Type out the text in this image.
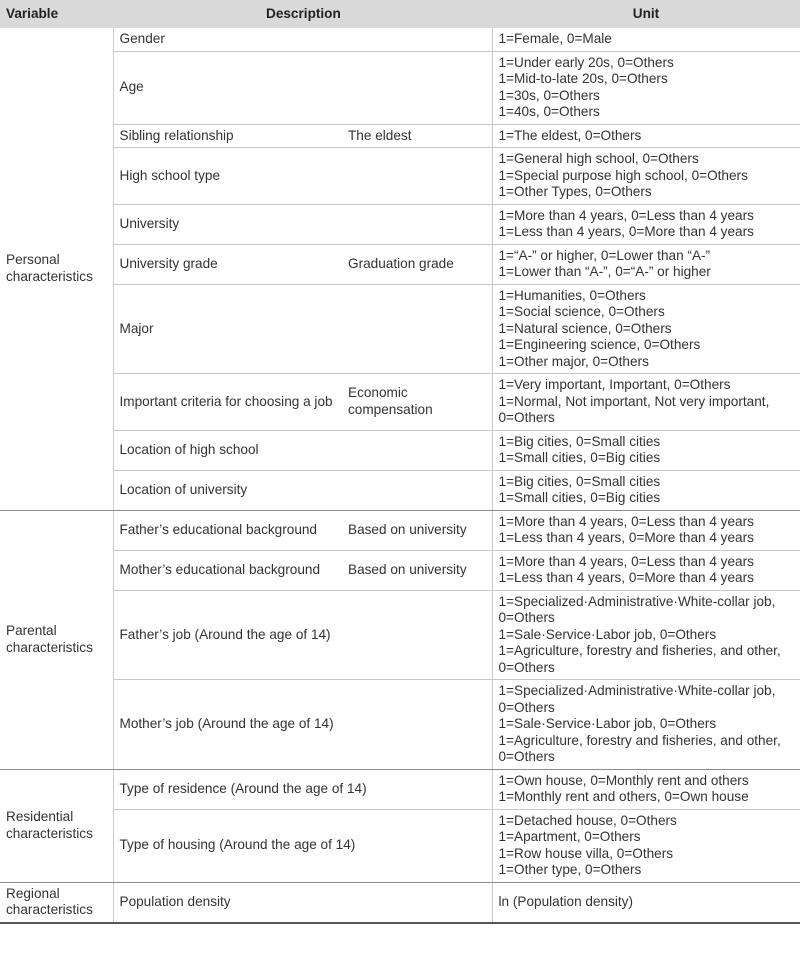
Variable	Description		Unit
Personal characteristics	Gender		1=Female, 0=Male

	Age		1=Under early 20s, 0=Others
1=Mid-to-late 20s, 0=Others
1=30s, 0=Others
1=40s, 0=Others

	Sibling relationship	The eldest	1=The eldest, 0=Others

	High school type		1=General high school, 0=Others
1=Special purpose high school, 0=Others
1=Other Types, 0=Others

	University		1=More than 4 years, 0=Less than 4 years
1=Less than 4 years, 0=More than 4 years

	University grade	Graduation grade	1=“A-” or higher, 0=Lower than “A-”
1=Lower than “A-”, 0=“A-” or higher

	Major		1=Humanities, 0=Others
1=Social science, 0=Others
1=Natural science, 0=Others
1=Engineering science, 0=Others
1=Other major, 0=Others

	Important criteria for choosing a job	Economic compensation	1=Very important, Important, 0=Others
1=Normal, Not important, Not very important, 0=Others

	Location of high school		1=Big cities, 0=Small cities
1=Small cities, 0=Big cities

	Location of university		1=Big cities, 0=Small cities
1=Small cities, 0=Big cities

Parental characteristics	Father’s educational background	Based on university	1=More than 4 years, 0=Less than 4 years
1=Less than 4 years, 0=More than 4 years

	Mother’s educational background	Based on university	1=More than 4 years, 0=Less than 4 years
1=Less than 4 years, 0=More than 4 years

	Father’s job (Around the age of 14)		1=Specialized·Administrative·White-collar job, 0=Others
1=Sale·Service·Labor job, 0=Others
1=Agriculture, forestry and fisheries, and other, 0=Others

	Mother’s job (Around the age of 14)		1=Specialized·Administrative·White-collar job, 0=Others
1=Sale·Service·Labor job, 0=Others
1=Agriculture, forestry and fisheries, and other, 0=Others

Residential characteristics	Type of residence (Around the age of 14)		1=Own house, 0=Monthly rent and others
1=Monthly rent and others, 0=Own house

	Type of housing (Around the age of 14)		1=Detached house, 0=Others
1=Apartment, 0=Others
1=Row house villa, 0=Others
1=Other type, 0=Others

Regional characteristics	Population density		ln (Population density)
